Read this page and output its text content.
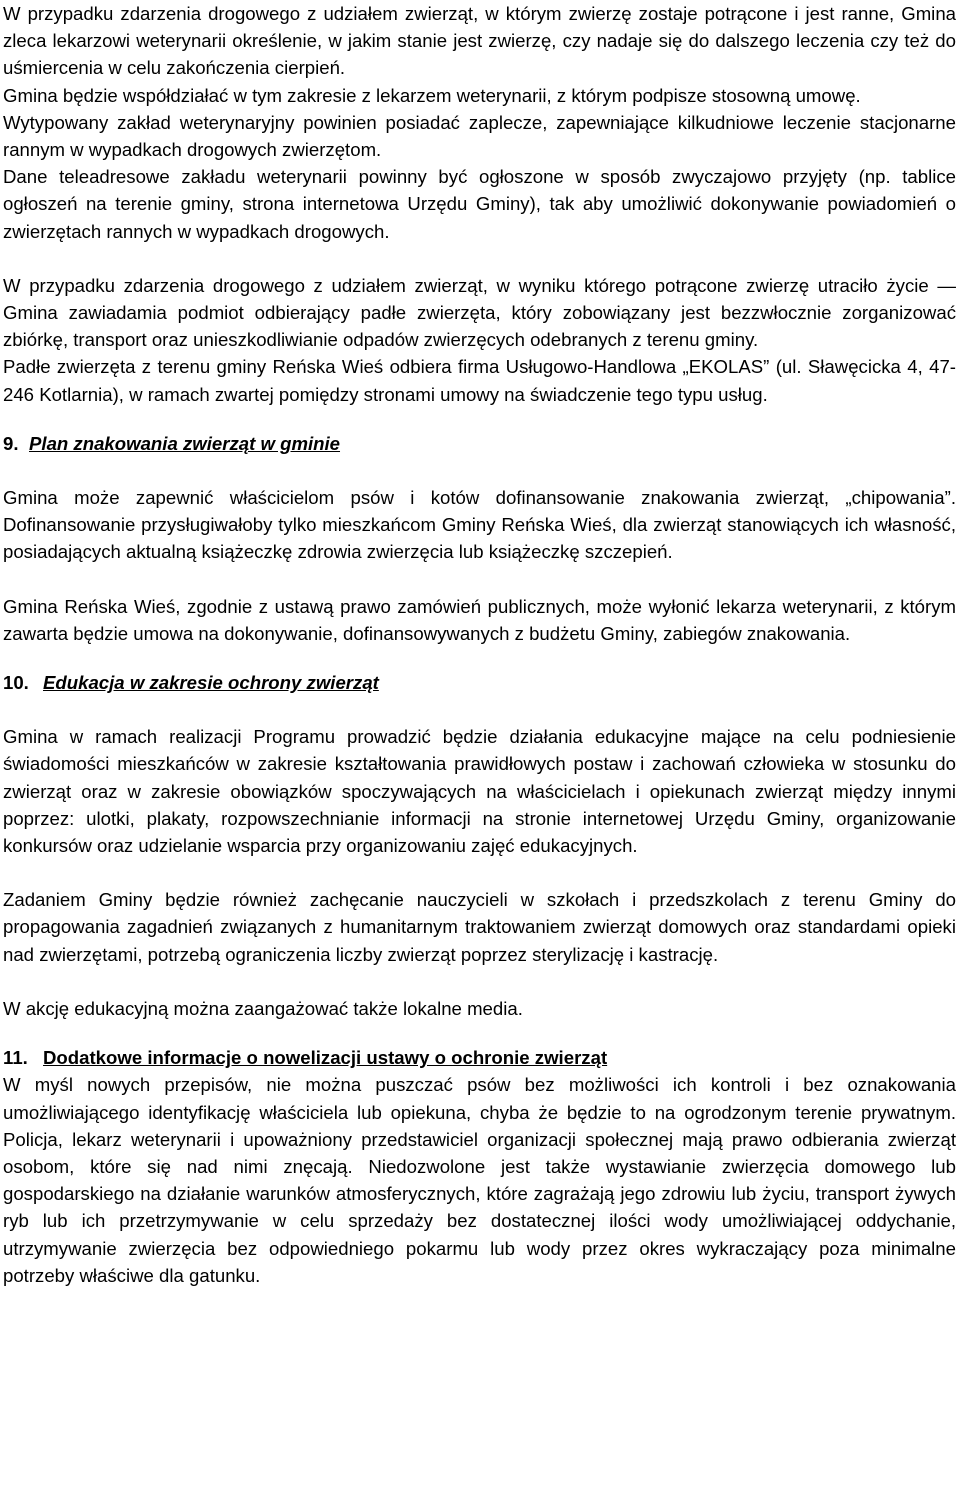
W przypadku zdarzenia drogowego z udziałem zwierząt, w którym zwierzę zostaje potrącone i jest ranne, Gmina zleca lekarzowi weterynarii określenie, w jakim stanie jest zwierzę, czy nadaje się do dalszego leczenia czy też do uśmiercenia w celu zakończenia cierpień.

Gmina będzie współdziałać w tym zakresie z lekarzem weterynarii, z którym podpisze stosowną umowę.

Wytypowany zakład weterynaryjny powinien posiadać zaplecze, zapewniające kilkudniowe leczenie stacjonarne rannym w wypadkach drogowych zwierzętom.

Dane teleadresowe zakładu weterynarii powinny być ogłoszone w sposób zwyczajowo przyjęty (np. tablice ogłoszeń na terenie gminy, strona internetowa Urzędu Gminy), tak aby umożliwić dokonywanie powiadomień o zwierzętach rannych w wypadkach drogowych.

W przypadku zdarzenia drogowego z udziałem zwierząt, w wyniku którego potrącone zwierzę utraciło życie — Gmina zawiadamia podmiot odbierający padłe zwierzęta, który zobowiązany jest bezzwłocznie zorganizować zbiórkę, transport oraz unieszkodliwianie odpadów zwierzęcych odebranych z terenu gminy.

Padłe zwierzęta z terenu gminy Reńska Wieś odbiera firma Usługowo-Handlowa „EKOLAS” (ul. Sławęcicka 4, 47-246 Kotlarnia), w ramach zwartej pomiędzy stronami umowy na świadczenie tego typu usług.

9. Plan znakowania zwierząt w gminie

Gmina może zapewnić właścicielom psów i kotów dofinansowanie znakowania zwierząt, „chipowania”. Dofinansowanie przysługiwałoby tylko mieszkańcom Gminy Reńska Wieś, dla zwierząt stanowiących ich własność, posiadających aktualną książeczkę zdrowia zwierzęcia lub książeczkę szczepień.

Gmina Reńska Wieś, zgodnie z ustawą prawo zamówień publicznych, może wyłonić lekarza weterynarii, z którym zawarta będzie umowa na dokonywanie, dofinansowywanych z budżetu Gminy, zabiegów znakowania.

10. Edukacja w zakresie ochrony zwierząt

Gmina w ramach realizacji Programu prowadzić będzie działania edukacyjne mające na celu podniesienie świadomości mieszkańców w zakresie kształtowania prawidłowych postaw i zachowań człowieka w stosunku do zwierząt oraz w zakresie obowiązków spoczywających na właścicielach i opiekunach zwierząt między innymi poprzez: ulotki, plakaty, rozpowszechnianie informacji na stronie internetowej Urzędu Gminy, organizowanie konkursów oraz udzielanie wsparcia przy organizowaniu zajęć edukacyjnych.

Zadaniem Gminy będzie również zachęcanie nauczycieli w szkołach i przedszkolach z terenu Gminy do propagowania zagadnień związanych z humanitarnym traktowaniem zwierząt domowych oraz standardami opieki nad zwierzętami, potrzebą ograniczenia liczby zwierząt poprzez sterylizację i kastrację.

W akcję edukacyjną można zaangażować także lokalne media.

11. Dodatkowe informacje o nowelizacji ustawy o ochronie zwierząt

W myśl nowych przepisów, nie można puszczać psów bez możliwości ich kontroli i bez oznakowania umożliwiającego identyfikację właściciela lub opiekuna, chyba że będzie to na ogrodzonym terenie prywatnym. Policja, lekarz weterynarii i upoważniony przedstawiciel organizacji społecznej mają prawo odbierania zwierząt osobom, które się nad nimi znęcają. Niedozwolone jest także wystawianie zwierzęcia domowego lub gospodarskiego na działanie warunków atmosferycznych, które zagrażają jego zdrowiu lub życiu, transport żywych ryb lub ich przetrzymywanie w celu sprzedaży bez dostatecznej ilości wody umożliwiającej oddychanie, utrzymywanie zwierzęcia bez odpowiedniego pokarmu lub wody przez okres wykraczający poza minimalne potrzeby właściwe dla gatunku.
